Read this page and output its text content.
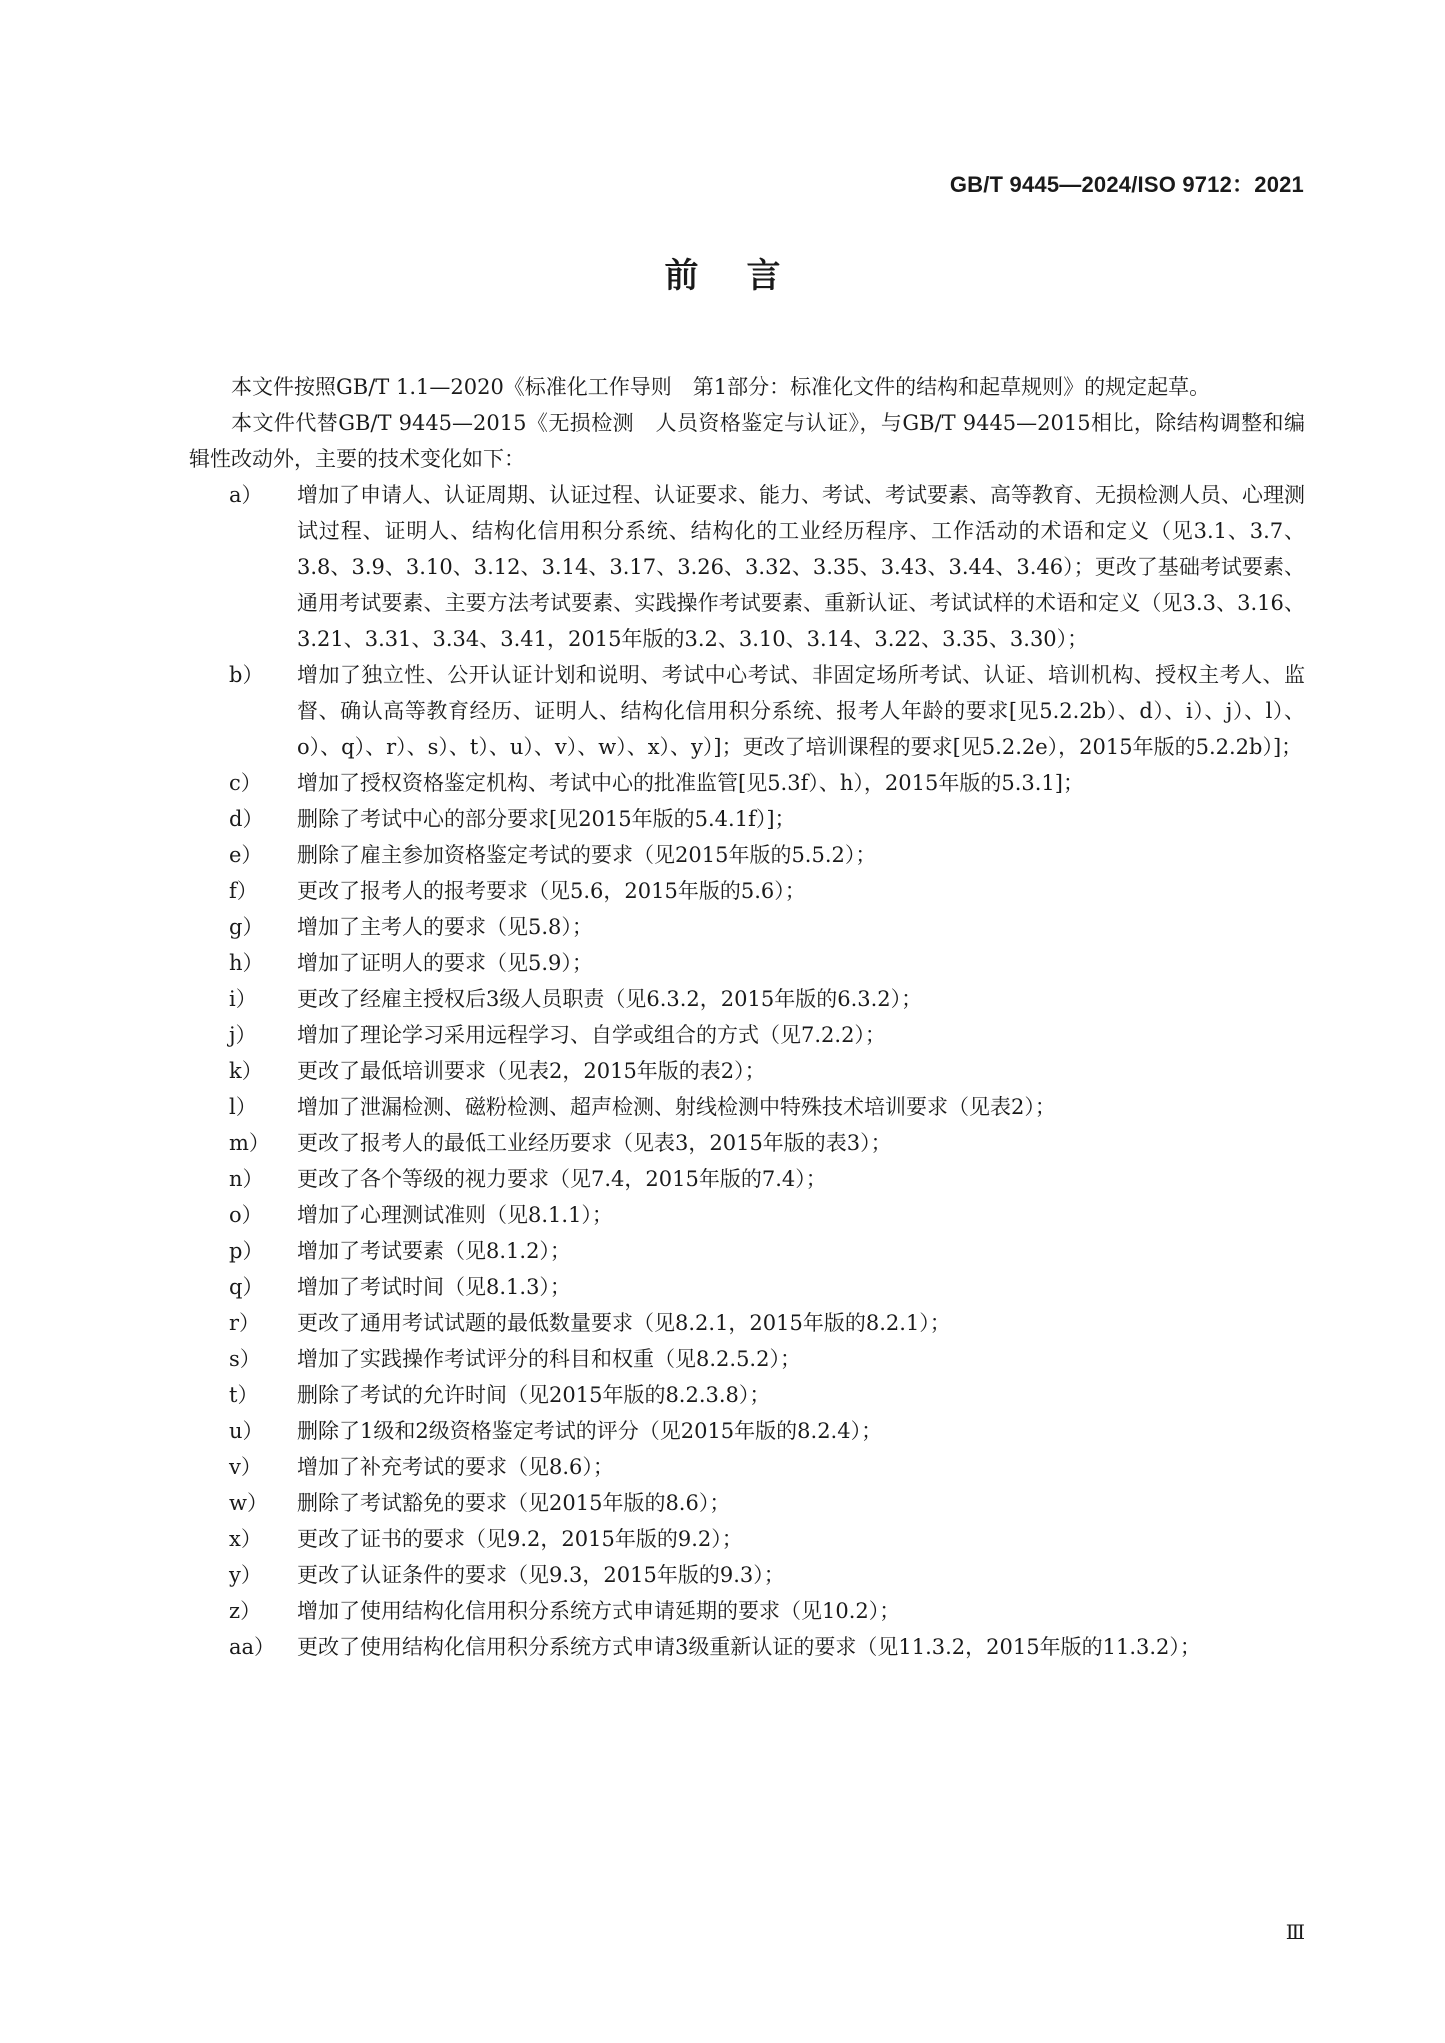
GB/T 9445—2024/ISO 9712：2021
前言

本文件按照GB/T 1.1—2020《标准化工作导则　第1部分：标准化文件的结构和起草规则》的规定起草。

本文件代替GB/T 9445—2015《无损检测　人员资格鉴定与认证》，与GB/T 9445—2015相比，除结构调整和编辑性改动外，主要的技术变化如下：

a）	增加了申请人、认证周期、认证过程、认证要求、能力、考试、考试要素、高等教育、无损检测人员、心理测试过程、证明人、结构化信用积分系统、结构化的工业经历程序、工作活动的术语和定义（见3.1、3.7、3.8、3.9、3.10、3.12、3.14、3.17、3.26、3.32、3.35、3.43、3.44、3.46）；更改了基础考试要素、通用考试要素、主要方法考试要素、实践操作考试要素、重新认证、考试试样的术语和定义（见3.3、3.16、3.21、3.31、3.34、3.41，2015年版的3.2、3.10、3.14、3.22、3.35、3.30）；
b）	增加了独立性、公开认证计划和说明、考试中心考试、非固定场所考试、认证、培训机构、授权主考人、监督、确认高等教育经历、证明人、结构化信用积分系统、报考人年龄的要求[见5.2.2b）、d）、i）、j）、l）、o）、q）、r）、s）、t）、u）、v）、w）、x）、y）]；更改了培训课程的要求[见5.2.2e），2015年版的5.2.2b）]；
c）	增加了授权资格鉴定机构、考试中心的批准监管[见5.3f）、h），2015年版的5.3.1]；
d）	删除了考试中心的部分要求[见2015年版的5.4.1f）]；
e）	删除了雇主参加资格鉴定考试的要求（见2015年版的5.5.2）；
f）	更改了报考人的报考要求（见5.6，2015年版的5.6）；
g）	增加了主考人的要求（见5.8）；
h）	增加了证明人的要求（见5.9）；
i）	更改了经雇主授权后3级人员职责（见6.3.2，2015年版的6.3.2）；
j）	增加了理论学习采用远程学习、自学或组合的方式（见7.2.2）；
k）	更改了最低培训要求（见表2，2015年版的表2）；
l）	增加了泄漏检测、磁粉检测、超声检测、射线检测中特殊技术培训要求（见表2）；
m）	更改了报考人的最低工业经历要求（见表3，2015年版的表3）；
n）	更改了各个等级的视力要求（见7.4，2015年版的7.4）；
o）	增加了心理测试准则（见8.1.1）；
p）	增加了考试要素（见8.1.2）；
q）	增加了考试时间（见8.1.3）；
r）	更改了通用考试试题的最低数量要求（见8.2.1，2015年版的8.2.1）；
s）	增加了实践操作考试评分的科目和权重（见8.2.5.2）；
t）	删除了考试的允许时间（见2015年版的8.2.3.8）；
u）	删除了1级和2级资格鉴定考试的评分（见2015年版的8.2.4）；
v）	增加了补充考试的要求（见8.6）；
w）	删除了考试豁免的要求（见2015年版的8.6）；
x）	更改了证书的要求（见9.2，2015年版的9.2）；
y）	更改了认证条件的要求（见9.3，2015年版的9.3）；
z）	增加了使用结构化信用积分系统方式申请延期的要求（见10.2）；
aa）	更改了使用结构化信用积分系统方式申请3级重新认证的要求（见11.3.2，2015年版的11.3.2）；
Ⅲ
